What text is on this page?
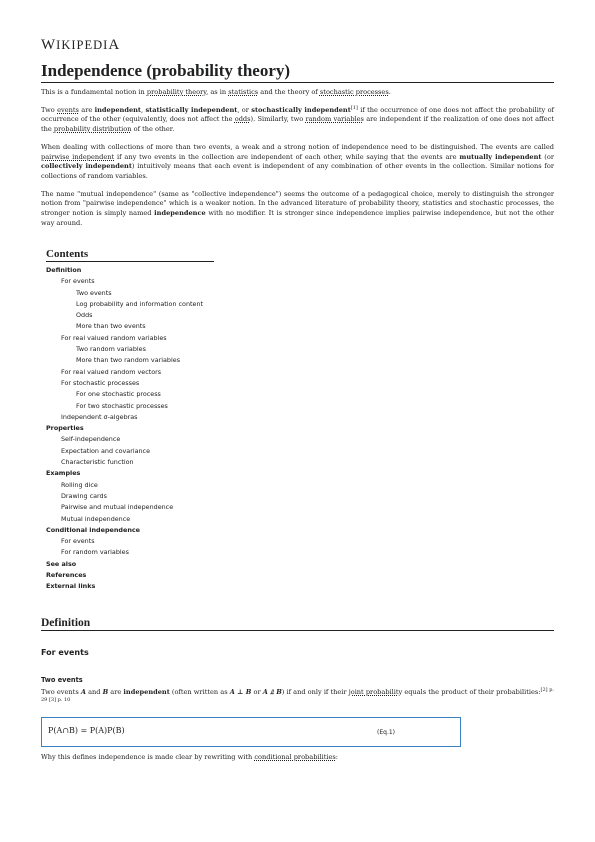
WIKIPEDIA
Independence (probability theory)

This is a fundamental notion in probability theory, as in statistics and the theory of stochastic processes.

Two events are independent, statistically independent, or stochastically independent[1] if the occurrence of one does not affect the probability of occurrence of the other (equivalently, does not affect the odds). Similarly, two random variables are independent if the realization of one does not affect the probability distribution of the other.

When dealing with collections of more than two events, a weak and a strong notion of independence need to be distinguished. The events are called pairwise independent if any two events in the collection are independent of each other, while saying that the events are mutually independent (or collectively independent) intuitively means that each event is independent of any combination of other events in the collection. Similar notions for collections of random variables.

The name "mutual independence" (same as "collective independence") seems the outcome of a pedagogical choice, merely to distinguish the stronger notion from "pairwise independence" which is a weaker notion. In the advanced literature of probability theory, statistics and stochastic processes, the stronger notion is simply named independence with no modifier. It is stronger since independence implies pairwise independence, but not the other way around.

Contents
Definition
For events
Two events
Log probability and information content
Odds
More than two events
For real valued random variables
Two random variables
More than two random variables
For real valued random vectors
For stochastic processes
For one stochastic process
For two stochastic processes
Independent σ-algebras
Properties
Self-independence
Expectation and covariance
Characteristic function
Examples
Rolling dice
Drawing cards
Pairwise and mutual independence
Mutual independence
Conditional independence
For events
For random variables
See also
References
External links
Definition
For events
Two events

Two events A and B are independent (often written as A ⊥ B or A ⫫ B) if and only if their joint probability equals the product of their probabilities:$^{[2] p. 29 [3] p. 10}$

P(A∩B) = P(A)P(B)	(Eq.1)

Why this defines independence is made clear by rewriting with conditional probabilities:
